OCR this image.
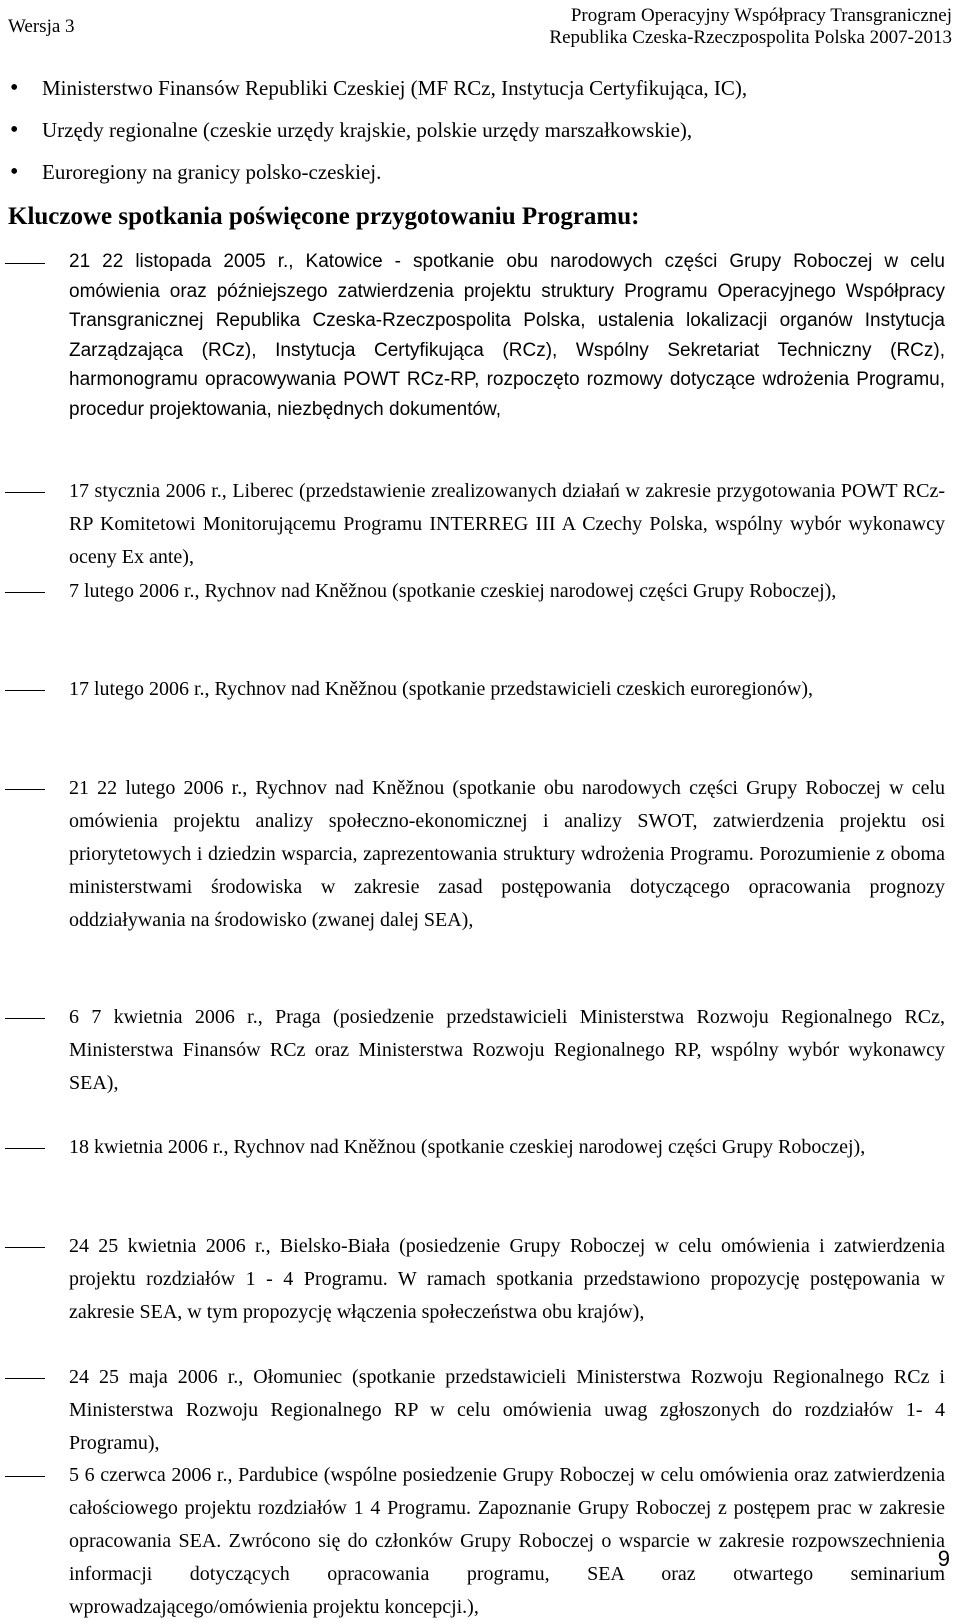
Wersja 3
Program Operacyjny Współpracy Transgranicznej
Republika Czeska-Rzeczpospolita Polska 2007-2013
• Ministerstwo Finansów Republiki Czeskiej (MF RCz, Instytucja Certyfikująca, IC),
• Urzędy regionalne (czeskie urzędy krajskie, polskie urzędy marszałkowskie),
• Euroregiony na granicy polsko-czeskiej.
Kluczowe spotkania poświęcone przygotowaniu Programu:
21 22 listopada 2005 r., Katowice - spotkanie obu narodowych części Grupy Roboczej w celu omówienia oraz późniejszego zatwierdzenia projektu struktury Programu Operacyjnego Współpracy Transgranicznej Republika Czeska-Rzeczpospolita Polska, ustalenia lokalizacji organów Instytucja Zarządzająca (RCz), Instytucja Certyfikująca (RCz), Wspólny Sekretariat Techniczny (RCz), harmonogramu opracowywania POWT RCz-RP, rozpoczęto rozmowy dotyczące wdrożenia Programu, procedur projektowania, niezbędnych dokumentów,
17 stycznia 2006 r., Liberec (przedstawienie zrealizowanych działań w zakresie przygotowania POWT RCz-RP Komitetowi Monitorującemu Programu INTERREG III A Czechy Polska, wspólny wybór wykonawcy oceny Ex ante),
7 lutego 2006 r., Rychnov nad Kněžnou (spotkanie czeskiej narodowej części Grupy Roboczej),
17 lutego 2006 r., Rychnov nad Kněžnou (spotkanie przedstawicieli czeskich euroregionów),
21 22 lutego 2006 r., Rychnov nad Kněžnou (spotkanie obu narodowych części Grupy Roboczej w celu omówienia projektu analizy społeczno-ekonomicznej i analizy SWOT, zatwierdzenia projektu osi priorytetowych i dziedzin wsparcia, zaprezentowania struktury wdrożenia Programu. Porozumienie z oboma ministerstwami środowiska w zakresie zasad postępowania dotyczącego opracowania prognozy oddziaływania na środowisko (zwanej dalej SEA),
6 7 kwietnia 2006 r., Praga (posiedzenie przedstawicieli Ministerstwa Rozwoju Regionalnego RCz, Ministerstwa Finansów RCz oraz Ministerstwa Rozwoju Regionalnego RP, wspólny wybór wykonawcy SEA),
18 kwietnia 2006 r., Rychnov nad Kněžnou (spotkanie czeskiej narodowej części Grupy Roboczej),
24 25 kwietnia 2006 r., Bielsko-Biała (posiedzenie Grupy Roboczej w celu omówienia i zatwierdzenia projektu rozdziałów 1 - 4 Programu. W ramach spotkania przedstawiono propozycję postępowania w zakresie SEA, w tym propozycję włączenia społeczeństwa obu krajów),
24 25 maja 2006 r., Ołomuniec (spotkanie przedstawicieli Ministerstwa Rozwoju Regionalnego RCz i Ministerstwa Rozwoju Regionalnego RP w celu omówienia uwag zgłoszonych do rozdziałów 1- 4 Programu),
5 6 czerwca 2006 r., Pardubice (wspólne posiedzenie Grupy Roboczej w celu omówienia oraz zatwierdzenia całościowego projektu rozdziałów 1 4 Programu. Zapoznanie Grupy Roboczej z postępem prac w zakresie opracowania SEA. Zwrócono się do członków Grupy Roboczej o wsparcie w zakresie rozpowszechnienia informacji dotyczących opracowania programu, SEA oraz otwartego seminarium wprowadzającego/omówienia projektu koncepcji.),
9
